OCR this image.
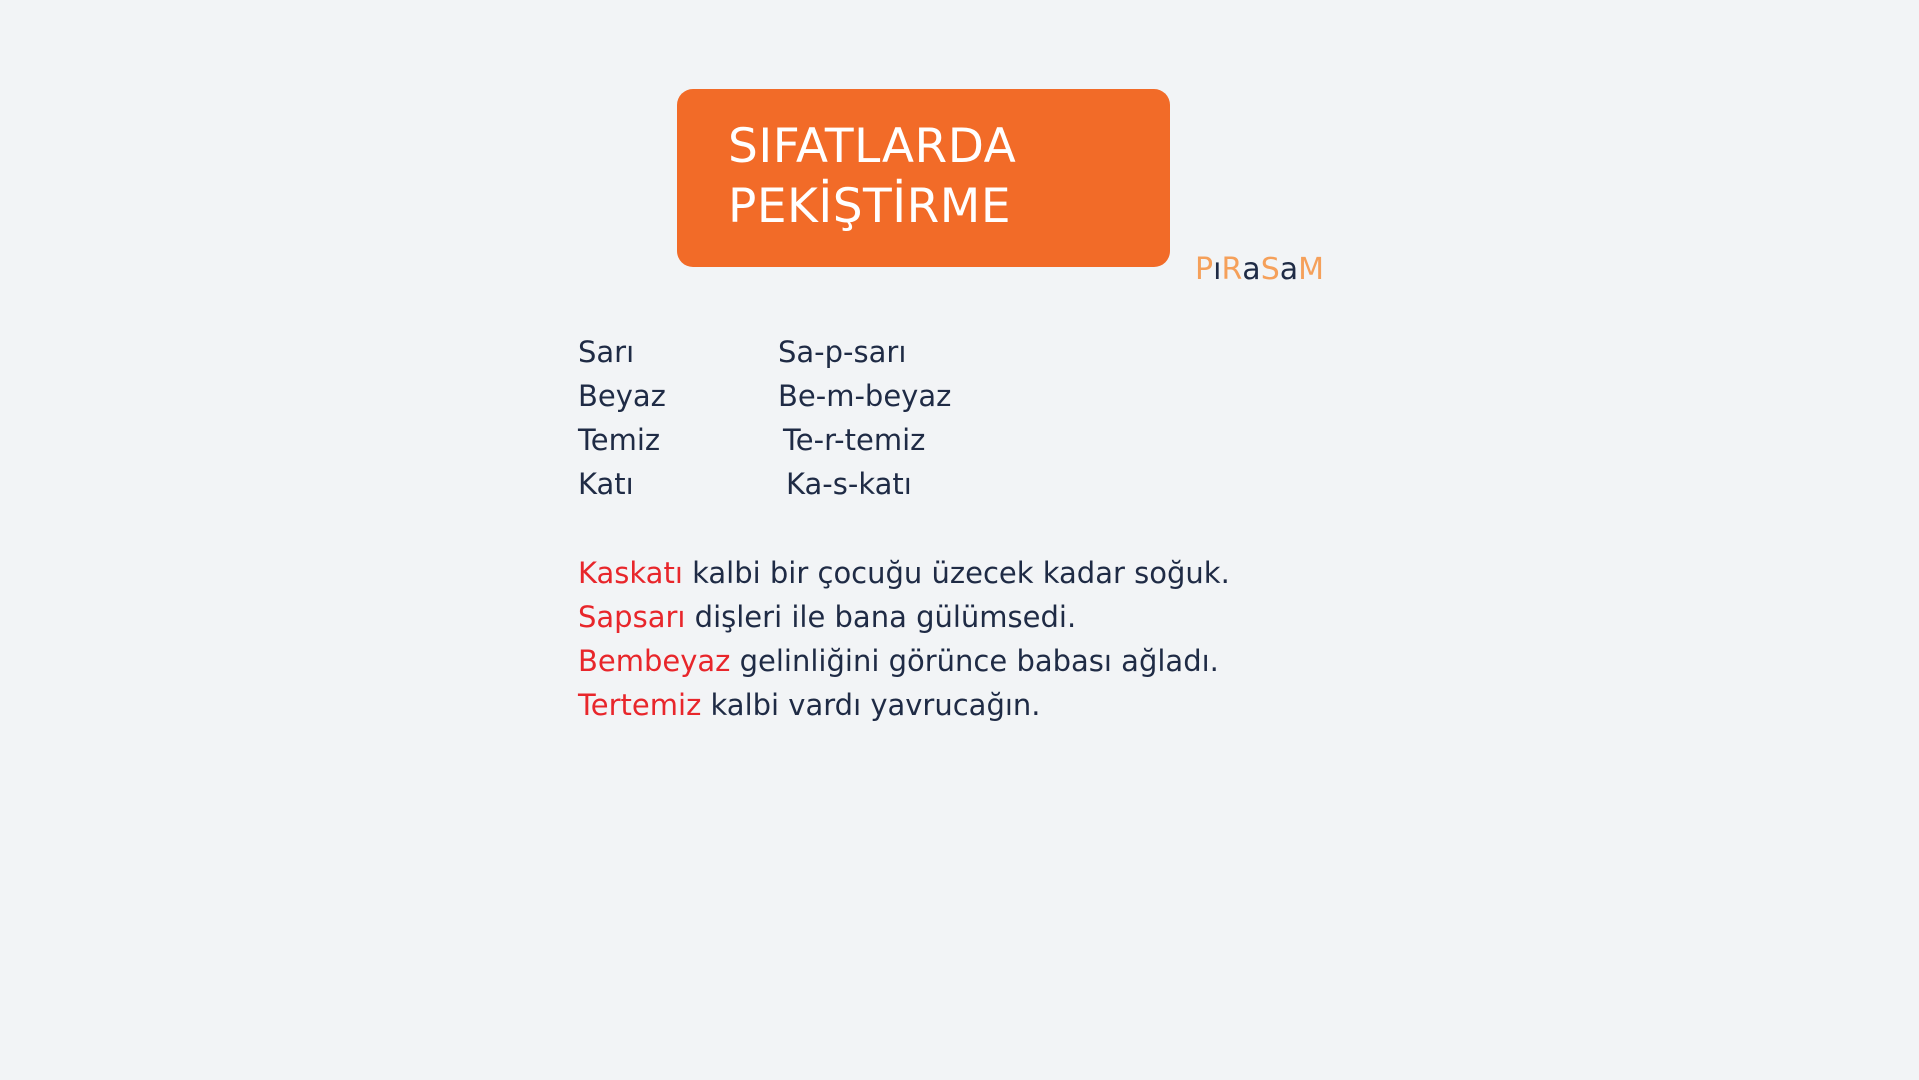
SIFATLARDA
PEKİŞTİRME
PıRaSaM
Sarı	Sa-p-sarı
Beyaz	Be-m-beyaz
Temiz	Te-r-temiz
Katı	Ka-s-katı
Kaskatı kalbi bir çocuğu üzecek kadar soğuk.
Sapsarı dişleri ile bana gülümsedi.
Bembeyaz gelinliğini görünce babası ağladı.
Tertemiz kalbi vardı yavrucağın.
